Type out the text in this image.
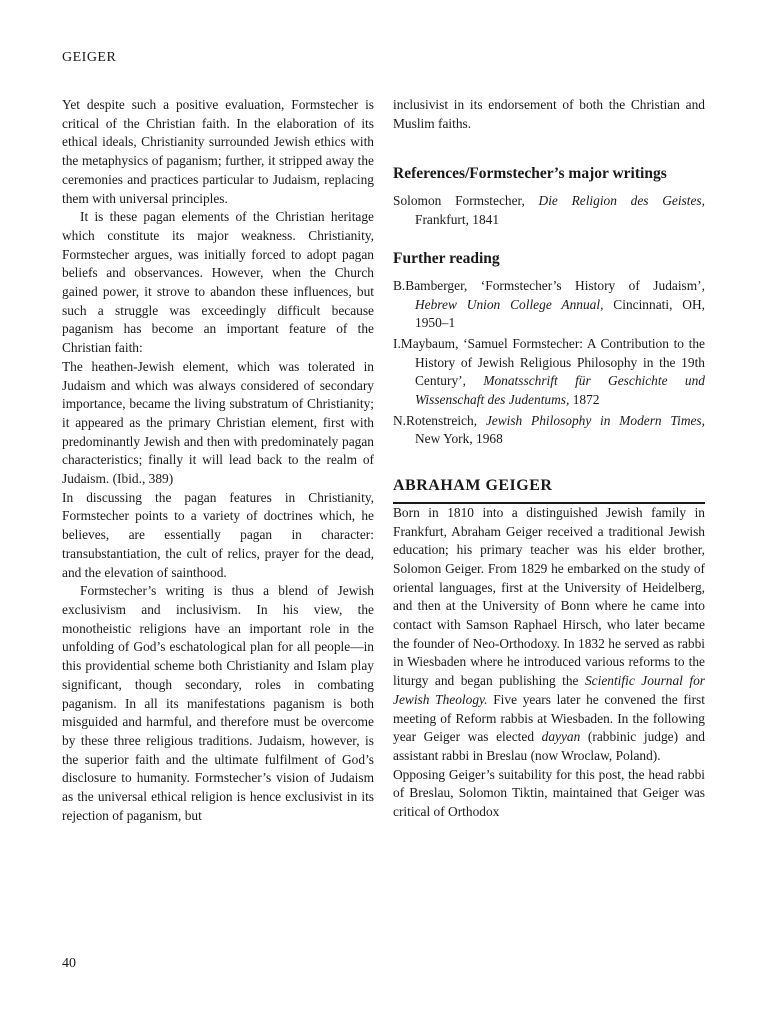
GEIGER

Yet despite such a positive evaluation, Formstecher is critical of the Christian faith. In the elaboration of its ethical ideals, Christianity surrounded Jewish ethics with the metaphysics of paganism; further, it stripped away the ceremonies and practices particular to Judaism, replacing them with universal principles.

It is these pagan elements of the Christian heritage which constitute its major weakness. Christianity, Formstecher argues, was initially forced to adopt pagan beliefs and observances. However, when the Church gained power, it strove to abandon these influences, but such a struggle was exceedingly difficult because paganism has become an important feature of the Christian faith:

The heathen-Jewish element, which was tolerated in Judaism and which was always considered of secondary importance, became the living substratum of Christianity; it appeared as the primary Christian element, first with predominantly Jewish and then with predominately pagan characteristics; finally it will lead back to the realm of Judaism. (Ibid., 389)

In discussing the pagan features in Christianity, Formstecher points to a variety of doctrines which, he believes, are essentially pagan in character: transubstantiation, the cult of relics, prayer for the dead, and the elevation of sainthood.

Formstecher’s writing is thus a blend of Jewish exclusivism and inclusivism. In his view, the monotheistic religions have an important role in the unfolding of God’s eschatological plan for all people—in this providential scheme both Christianity and Islam play significant, though secondary, roles in combating paganism. In all its manifestations paganism is both misguided and harmful, and therefore must be overcome by these three religious traditions. Judaism, however, is the superior faith and the ultimate fulfilment of God’s disclosure to humanity. Formstecher’s vision of Judaism as the universal ethical religion is hence exclusivist in its rejection of paganism, but

inclusivist in its endorsement of both the Christian and Muslim faiths.

References/Formstecher’s major writings

Solomon Formstecher, Die Religion des Geistes, Frankfurt, 1841

Further reading

B.Bamberger, ‘Formstecher’s History of Judaism’, Hebrew Union College Annual, Cincinnati, OH, 1950–1

I.Maybaum, ‘Samuel Formstecher: A Contribution to the History of Jewish Religious Philosophy in the 19th Century’, Monatsschrift für Geschichte und Wissenschaft des Judentums, 1872

N.Rotenstreich, Jewish Philosophy in Modern Times, New York, 1968

ABRAHAM GEIGER

Born in 1810 into a distinguished Jewish family in Frankfurt, Abraham Geiger received a traditional Jewish education; his primary teacher was his elder brother, Solomon Geiger. From 1829 he embarked on the study of oriental languages, first at the University of Heidelberg, and then at the University of Bonn where he came into contact with Samson Raphael Hirsch, who later became the founder of Neo-Orthodoxy. In 1832 he served as rabbi in Wiesbaden where he introduced various reforms to the liturgy and began publishing the Scientific Journal for Jewish Theology. Five years later he convened the first meeting of Reform rabbis at Wiesbaden. In the following year Geiger was elected dayyan (rabbinic judge) and assistant rabbi in Breslau (now Wroclaw, Poland).

Opposing Geiger’s suitability for this post, the head rabbi of Breslau, Solomon Tiktin, maintained that Geiger was critical of Orthodox

40
